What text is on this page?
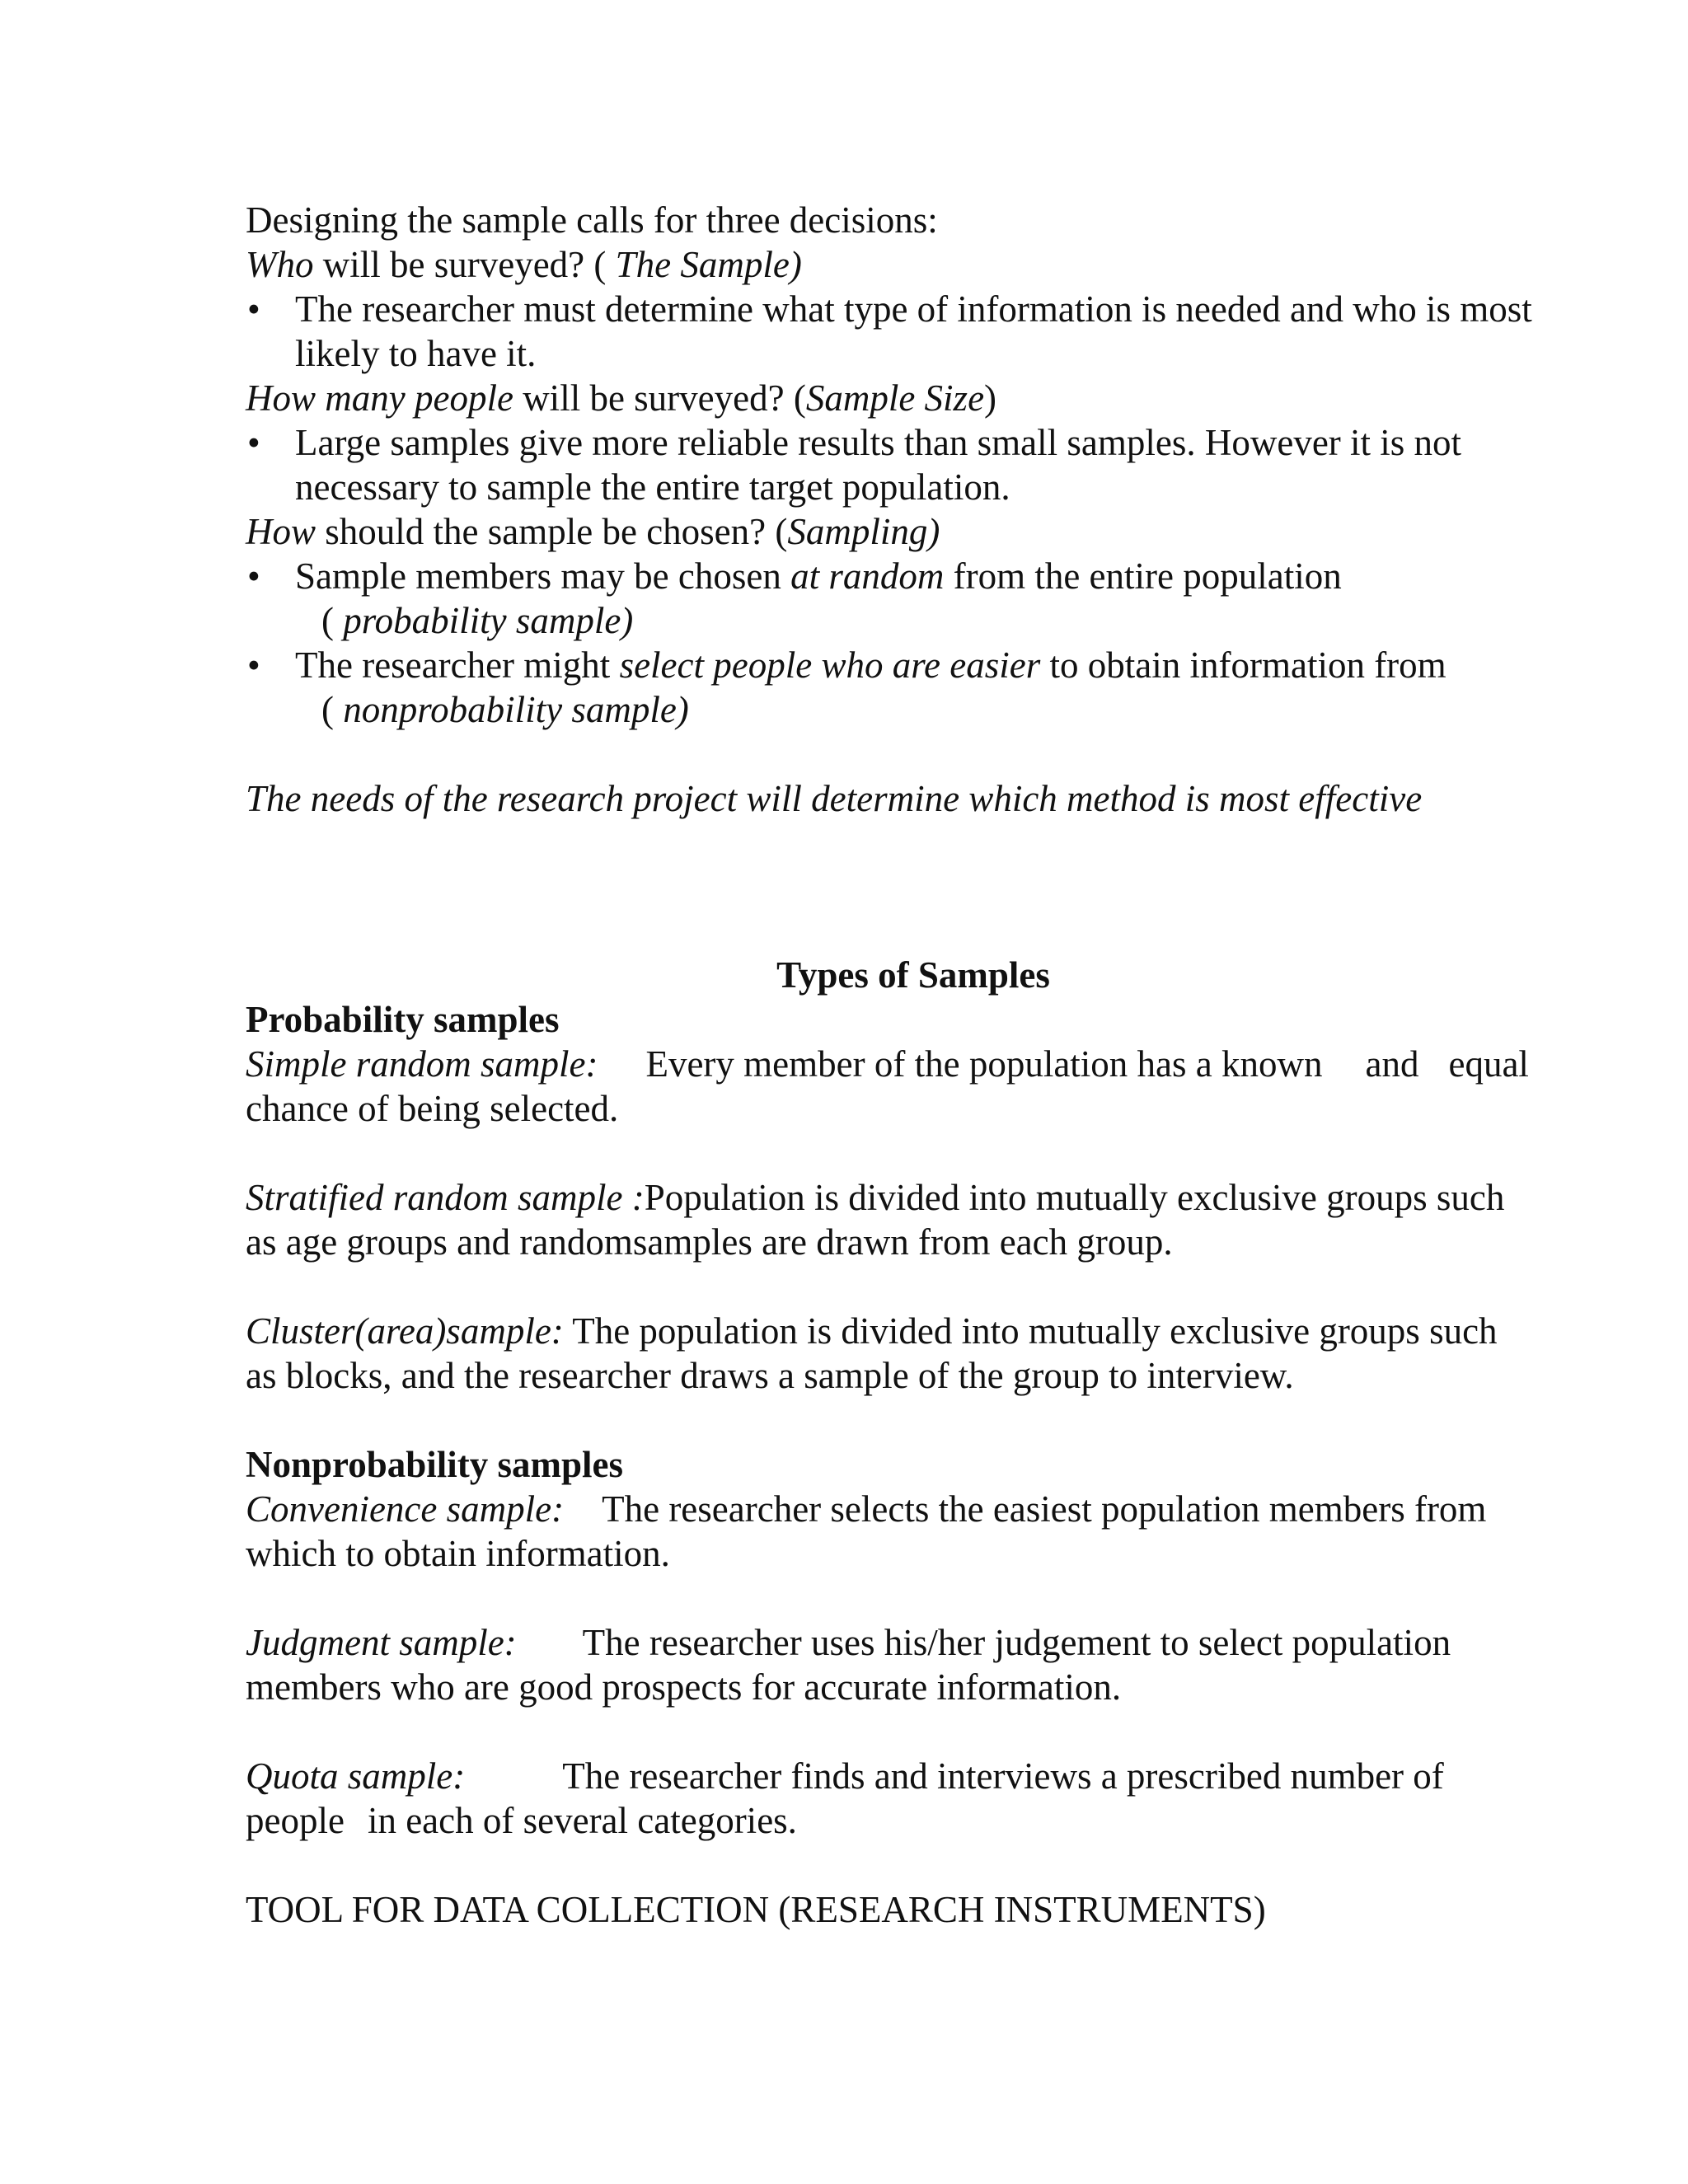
Designing the sample calls for three decisions:
Who will be surveyed? ( The Sample)
• The researcher must determine what type of information is needed and who is most
likely to have it.
How many people will be surveyed? (Sample Size)
• Large samples give more reliable results than small samples. However it is not
necessary to sample the entire target population.
How should the sample be chosen? (Sampling)
• Sample members may be chosen at random from the entire population
( probability sample)
• The researcher might select people who are easier to obtain information from
( nonprobability sample)
The needs of the research project will determine which method is most effective
Types of Samples
Probability samples
Simple random sample: Every member of the population has a known and equal
chance of being selected.
Stratified random sample :Population is divided into mutually exclusive groups such
as age groups and randomsamples are drawn from each group.
Cluster(area)sample: The population is divided into mutually exclusive groups such
as blocks, and the researcher draws a sample of the group to interview.
Nonprobability samples
Convenience sample: The researcher selects the easiest population members from
which to obtain information.
Judgment sample: The researcher uses his/her judgement to select population
members who are good prospects for accurate information.
Quota sample:	The researcher finds and interviews a prescribed number of
people in each of several categories.
TOOL FOR DATA COLLECTION (RESEARCH INSTRUMENTS)
